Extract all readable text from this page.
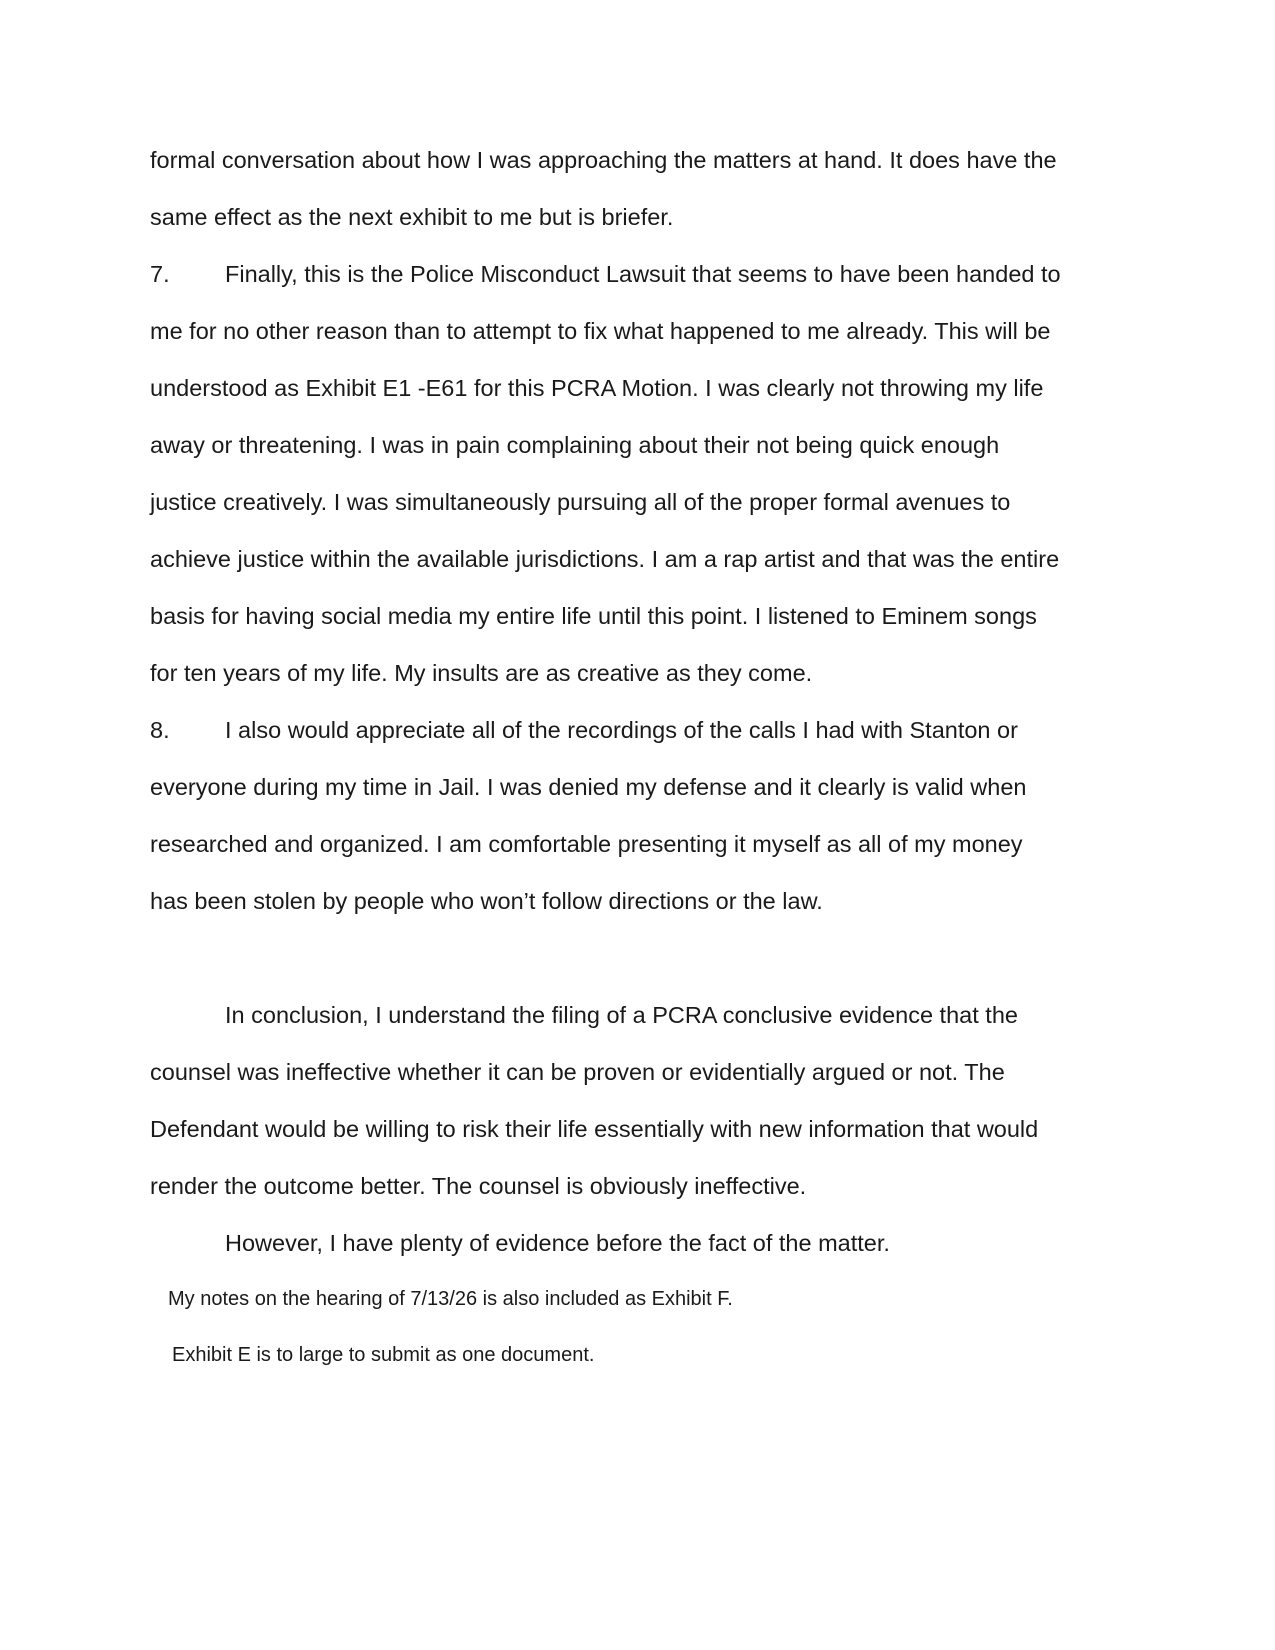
formal conversation about how I was approaching the matters at hand. It does have the
same effect as the next exhibit to me but is briefer.
7. Finally, this is the Police Misconduct Lawsuit that seems to have been handed to
me for no other reason than to attempt to fix what happened to me already. This will be
understood as Exhibit E1 -E61 for this PCRA Motion. I was clearly not throwing my life
away or threatening. I was in pain complaining about their not being quick enough
justice creatively. I was simultaneously pursuing all of the proper formal avenues to
achieve justice within the available jurisdictions. I am a rap artist and that was the entire
basis for having social media my entire life until this point. I listened to Eminem songs
for ten years of my life. My insults are as creative as they come.
8. I also would appreciate all of the recordings of the calls I had with Stanton or
everyone during my time in Jail. I was denied my defense and it clearly is valid when
researched and organized. I am comfortable presenting it myself as all of my money
has been stolen by people who won’t follow directions or the law.
In conclusion, I understand the filing of a PCRA conclusive evidence that the
counsel was ineffective whether it can be proven or evidentially argued or not. The
Defendant would be willing to risk their life essentially with new information that would
render the outcome better. The counsel is obviously ineffective.
However, I have plenty of evidence before the fact of the matter.
My notes on the hearing of 7/13/26 is also included as Exhibit F.
Exhibit E is to large to submit as one document.
